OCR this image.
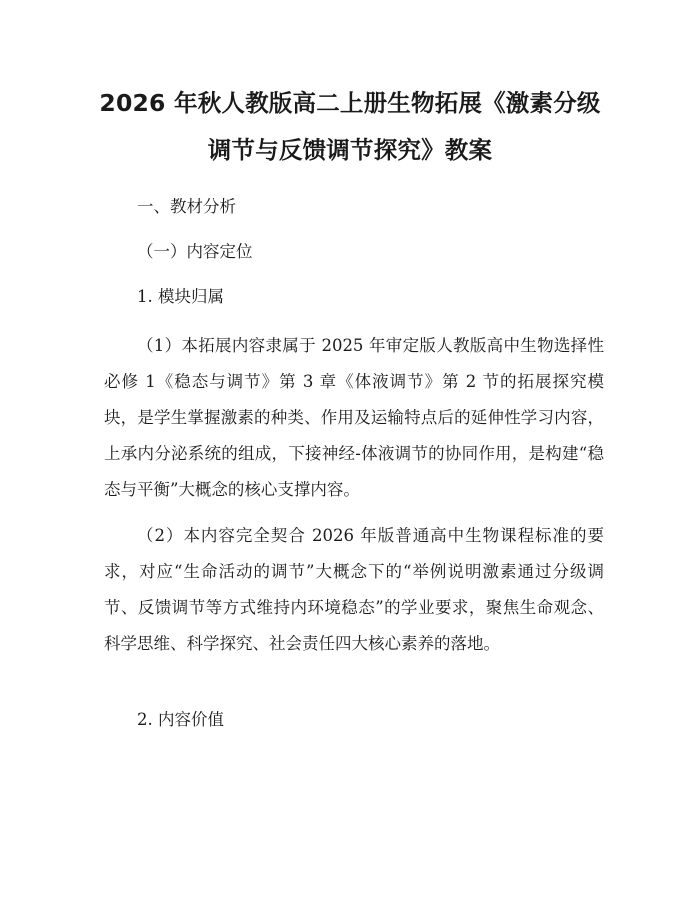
2026 年秋人教版高二上册生物拓展《激素分级调节与反馈调节探究》教案

一、教材分析

（一）内容定位

1. 模块归属

（1）本拓展内容隶属于 2025 年审定版人教版高中生物选择性必修 1《稳态与调节》第 3 章《体液调节》第 2 节的拓展探究模块，是学生掌握激素的种类、作用及运输特点后的延伸性学习内容，上承内分泌系统的组成，下接神经-体液调节的协同作用，是构建“稳态与平衡”大概念的核心支撑内容。

（2）本内容完全契合 2026 年版普通高中生物课程标准的要求，对应“生命活动的调节”大概念下的“举例说明激素通过分级调节、反馈调节等方式维持内环境稳态”的学业要求，聚焦生命观念、科学思维、科学探究、社会责任四大核心素养的落地。

2. 内容价值
